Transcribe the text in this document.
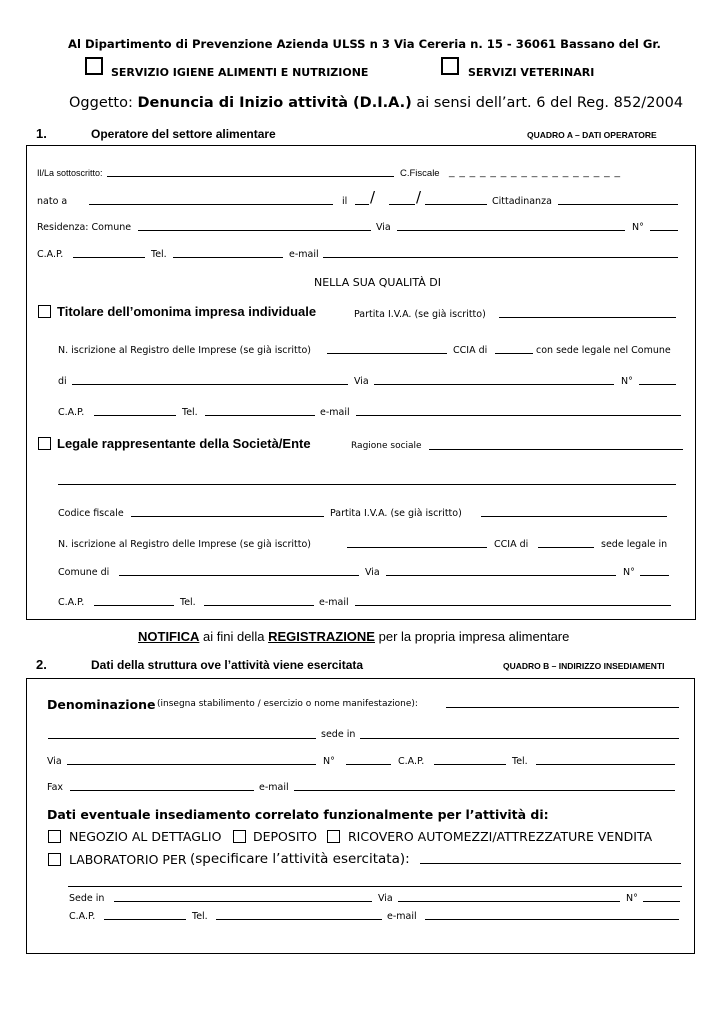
Al Dipartimento di Prevenzione Azienda ULSS n 3 Via Cereria n. 15 - 36061 Bassano del Gr.
SERVIZIO IGIENE ALIMENTI E NUTRIZIONE	SERVIZI VETERINARI
Oggetto: Denuncia di Inizio attività (D.I.A.) ai sensi dell’art. 6 del Reg. 852/2004
1.	Operatore del settore alimentare	QUADRO A – DATI OPERATORE
Il/La sottoscritto:	C.Fiscale _ _ _ _ _ _ _ _ _ _ _ _ _ _ _ _ _
nato a	il /	/	Cittadinanza
Residenza: Comune	Via	N°
C.A.P.	Tel.	e-mail
NELLA SUA QUALITÀ DI
Titolare dell’omonima impresa individuale	Partita I.V.A. (se già iscritto)
N. iscrizione al Registro delle Imprese (se già iscritto)	CCIA di	con sede legale nel Comune
di	Via	N°
C.A.P.	Tel.	e-mail
Legale rappresentante della Società/Ente	Ragione sociale
Codice fiscale	Partita I.V.A. (se già iscritto)
N. iscrizione al Registro delle Imprese (se già iscritto)	CCIA di	sede legale in
Comune di	Via	N°
C.A.P.	Tel.	e-mail
NOTIFICA ai fini della REGISTRAZIONE per la propria impresa alimentare
2.	Dati della struttura ove l’attività viene esercitata	QUADRO B – INDIRIZZO INSEDIAMENTI
Denominazione (insegna stabilimento / esercizio o nome manifestazione):
sede in
Via	N°	C.A.P.	Tel.
Fax	e-mail
Dati eventuale insediamento correlato funzionalmente per l’attività di:
NEGOZIO AL DETTAGLIO	DEPOSITO RICOVERO AUTOMEZZI/ATTREZZATURE VENDITA
LABORATORIO PER (specificare l’attività esercitata):
Sede in	Via	N°
C.A.P.	Tel.	e-mail
